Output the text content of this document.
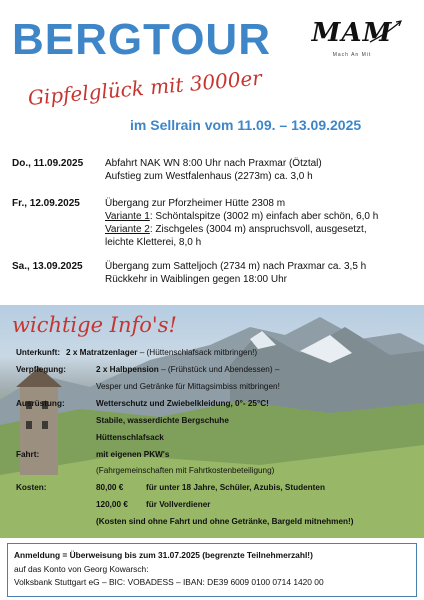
BERGTOUR	MAM
Mach An Mit
Gipfelglück mit 3000er
im Sellrain vom 11.09. – 13.09.2025
Do., 11.09.2025	Abfahrt NAK WN 8:00 Uhr nach Praxmar (Ötztal)
Aufstieg zum Westfalenhaus (2273m) ca. 3,0 h
Fr., 12.09.2025	Übergang zur Pforzheimer Hütte 2308 m
Variante 1: Schöntalspitze (3002 m) einfach aber schön, 6,0 h
Variante 2: Zischgeles (3004 m) anspruchsvoll, ausgesetzt,
leichte Kletterei, 8,0 h
Sa., 13.09.2025	Übergang zum Satteljoch (2734 m) nach Praxmar ca. 3,5 h
Rückkehr in Waiblingen gegen 18:00 Uhr
wichtige Info's!
Unterkunft: 2 x Matratzenlager – (Hüttenschlafsack mitbringen!)
Verpflegung:	2 x Halbpension – (Frühstück und Abendessen) –
Vesper und Getränke für Mittagsimbiss mitbringen!
Ausrüstung:	Wetterschutz und Zwiebelkleidung, 0°- 25°C!
Stabile, wasserdichte Bergschuhe
Hüttenschlafsack
Fahrt:	mit eigenen PKW's
(Fahrgemeinschaften mit Fahrtkostenbeteiligung)
Kosten:	80,00 €	für unter 18 Jahre, Schüler, Azubis, Studenten
120,00 € für Vollverdiener
(Kosten sind ohne Fahrt und ohne Getränke, Bargeld mitnehmen!)
Anmeldung = Überweisung bis zum 31.07.2025 (begrenzte Teilnehmerzahl!)
auf das Konto von Georg Kowarsch:
Volksbank Stuttgart eG – BIC: VOBADESS – IBAN: DE39 6009 0100 0714 1420 00
